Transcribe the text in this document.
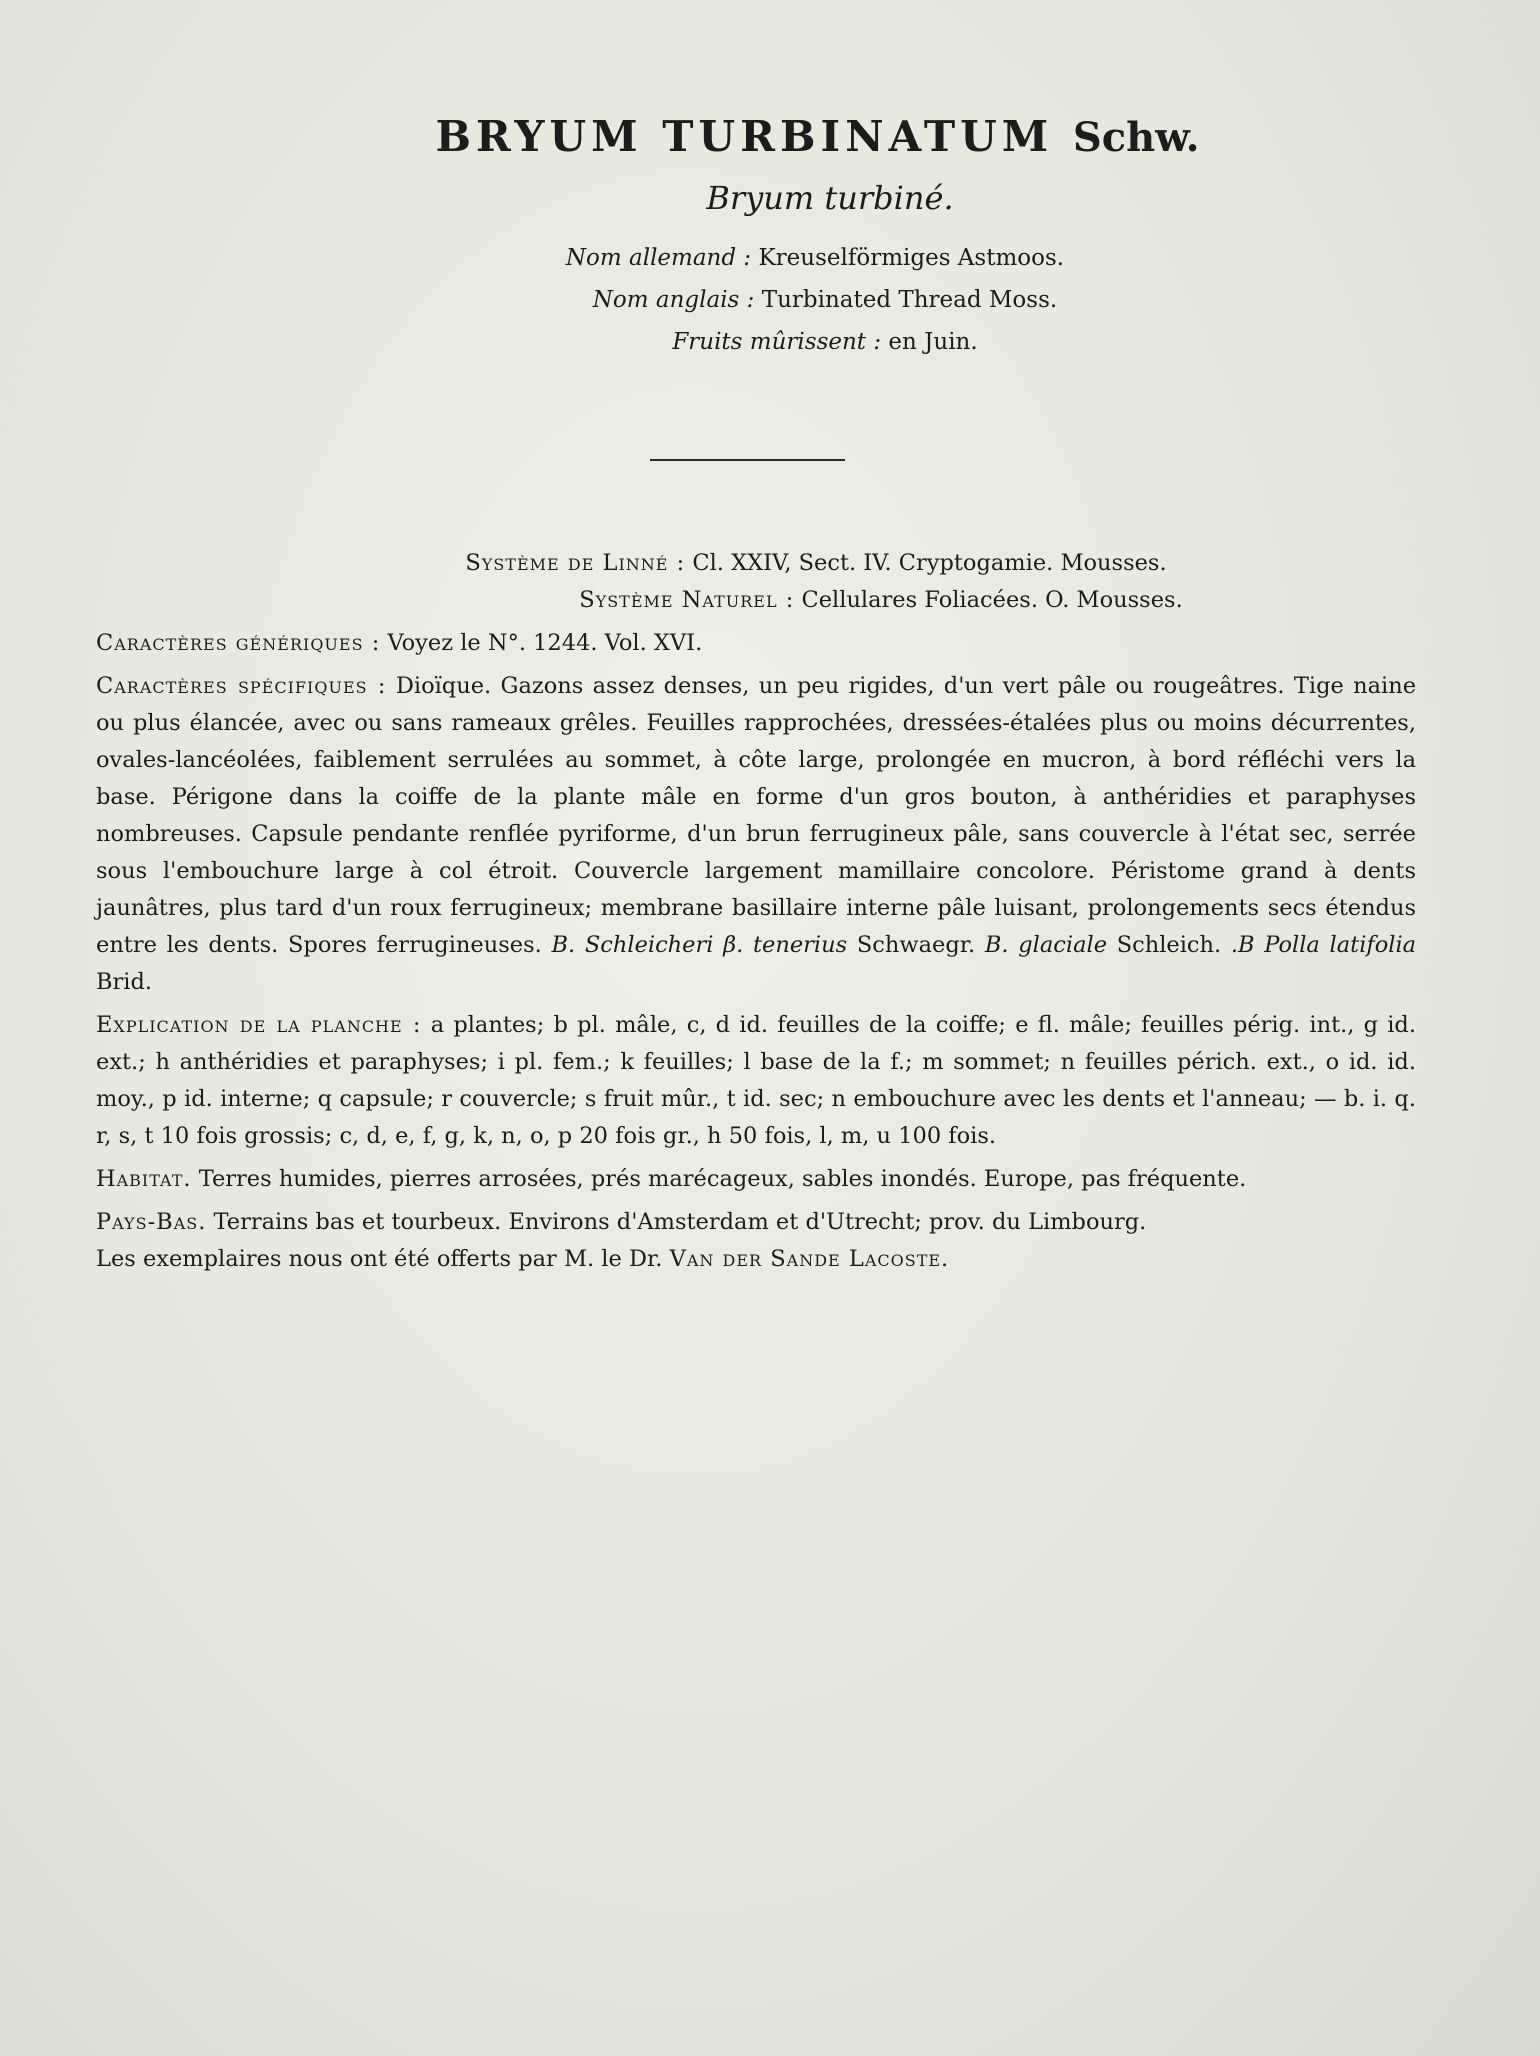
BRYUM TURBINATUM Schw.
Bryum turbiné.
Nom allemand : Kreuselförmiges Astmoos.
Nom anglais : Turbinated Thread Moss.
Fruits mûrissent : en Juin.

Système de Linné : Cl. XXIV, Sect. IV. Cryptogamie. Mousses.

Système Naturel : Cellulares Foliacées. O. Mousses.

Caractères génériques : Voyez le N°. 1244. Vol. XVI.

Caractères spécifiques : Dioïque. Gazons assez denses, un peu rigides, d'un vert pâle ou rougeâtres. Tige naine ou plus élancée, avec ou sans rameaux grêles. Feuilles rapprochées, dressées-étalées plus ou moins décurrentes, ovales-lancéolées, faiblement serrulées au sommet, à côte large, prolongée en mucron, à bord réfléchi vers la base. Périgone dans la coiffe de la plante mâle en forme d'un gros bouton, à anthéridies et paraphyses nombreuses. Capsule pendante renflée pyriforme, d'un brun ferrugineux pâle, sans couvercle à l'état sec, serrée sous l'embouchure large à col étroit. Couvercle largement mamillaire concolore. Péristome grand à dents jaunâtres, plus tard d'un roux ferrugineux; membrane basillaire interne pâle luisant, prolongements secs étendus entre les dents. Spores ferrugineuses. B. Schleicheri β. tenerius Schwaegr. B. glaciale Schleich. .B Polla latifolia Brid.

Explication de la planche : a plantes; b pl. mâle, c, d id. feuilles de la coiffe; e fl. mâle; feuilles périg. int., g id. ext.; h anthéridies et paraphyses; i pl. fem.; k feuilles; l base de la f.; m sommet; n feuilles périch. ext., o id. id. moy., p id. interne; q capsule; r couvercle; s fruit mûr., t id. sec; n embouchure avec les dents et l'anneau; — b. i. q. r, s, t 10 fois grossis; c, d, e, f, g, k, n, o, p 20 fois gr., h 50 fois, l, m, u 100 fois.

Habitat. Terres humides, pierres arrosées, prés marécageux, sables inondés. Europe, pas fréquente.

Pays-Bas. Terrains bas et tourbeux. Environs d'Amsterdam et d'Utrecht; prov. du Limbourg.

Les exemplaires nous ont été offerts par M. le Dr. Van der Sande Lacoste.
